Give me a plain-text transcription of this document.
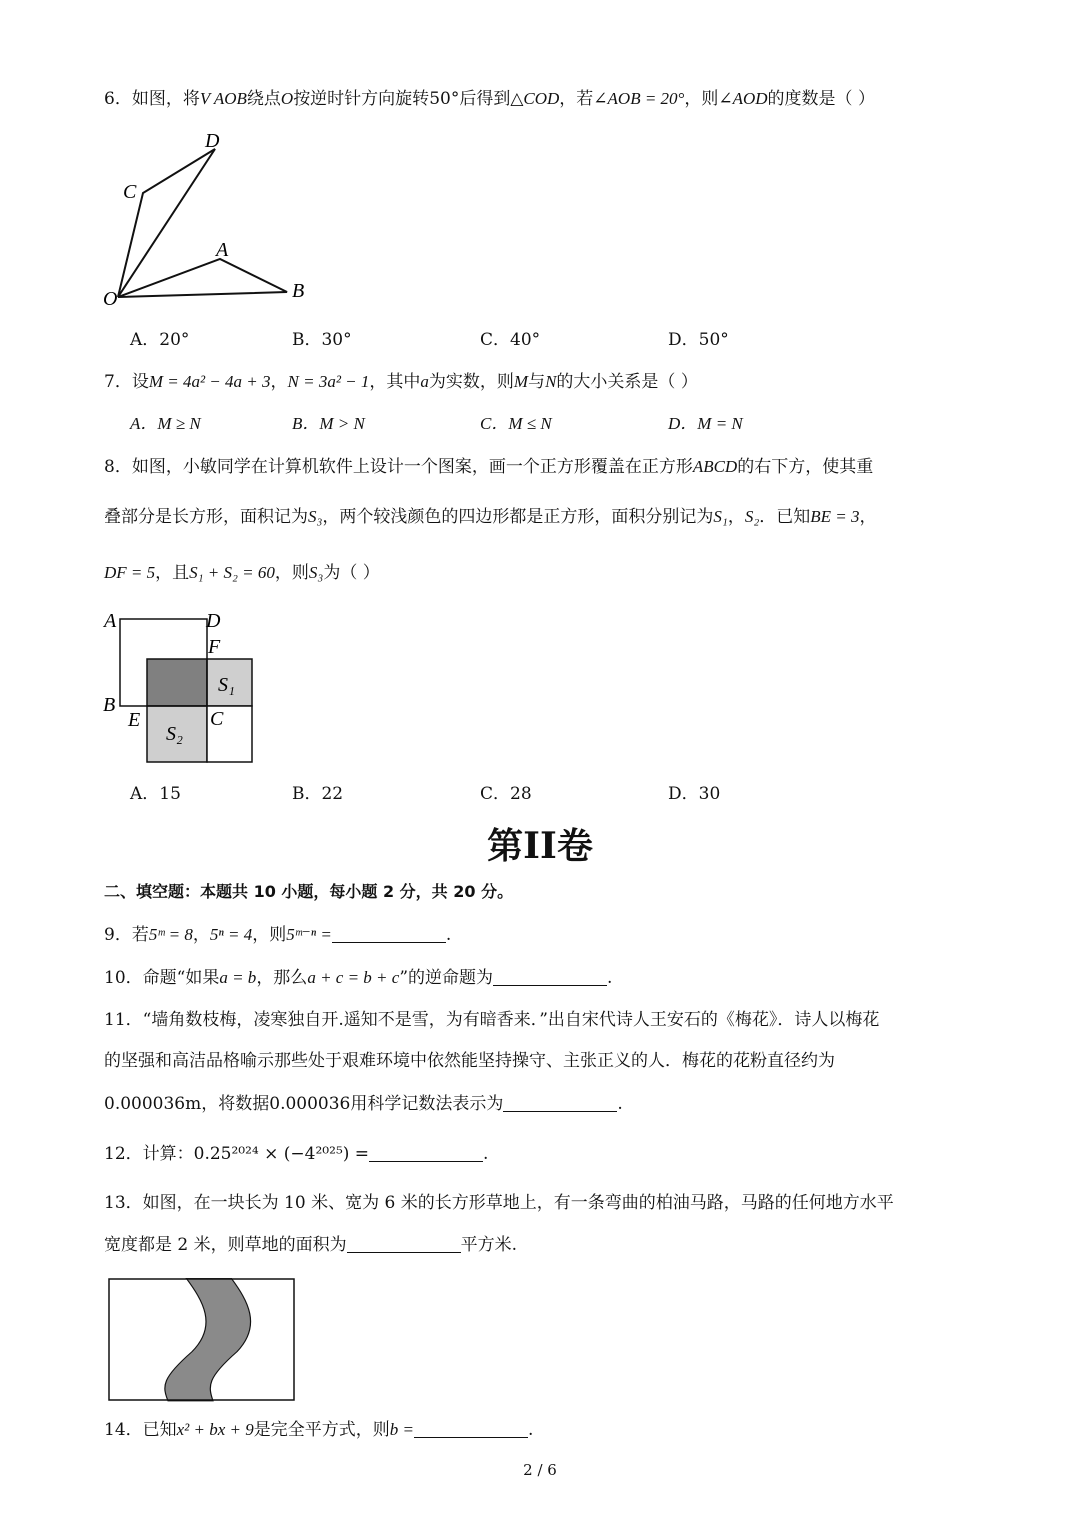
6．如图，将V AOB绕点O按逆时针方向旋转50°后得到△COD，若∠AOB = 20°，则∠AOD的度数是（ ）
D
C
A
O	B
A．20°	B．30°	C．40°	D．50°
7．设M = 4a² − 4a + 3，N = 3a² − 1，其中a为实数，则M与N的大小关系是（ ）
A．M ≥ N	B．M > N	C．M ≤ N	D．M = N
8．如图，小敏同学在计算机软件上设计一个图案，画一个正方形覆盖在正方形ABCD的右下方，使其重
叠部分是长方形，面积记为S₃，两个较浅颜色的四边形都是正方形，面积分别记为S₁，S₂．已知BE = 3，
DF = 5，且S₁ + S₂ = 60，则S₃为（ ）
A	D
F
S₁
B
E	C
S₂
A．15	B．22	C．28	D．30
第II卷
二、填空题：本题共 10 小题，每小题 2 分，共 20 分。
9．若5ᵐ = 8，5ⁿ = 4，则5ᵐ⁻ⁿ =	.
10．命题“如果a = b，那么a + c = b + c”的逆命题为	.
11．“墙角数枝梅，凌寒独自开.遥知不是雪，为有暗香来．”出自宋代诗人王安石的《梅花》．诗人以梅花
的坚强和高洁品格喻示那些处于艰难环境中依然能坚持操守、主张正义的人．梅花的花粉直径约为
0.000036m，将数据0.000036用科学记数法表示为	.
12．计算：0.25²⁰²⁴ × (−4²⁰²⁵) =	.
13．如图，在一块长为 10 米、宽为 6 米的长方形草地上，有一条弯曲的柏油马路，马路的任何地方水平
宽度都是 2 米，则草地的面积为	平方米.
14．已知x² + bx + 9是完全平方式，则b =	.
2 / 6
